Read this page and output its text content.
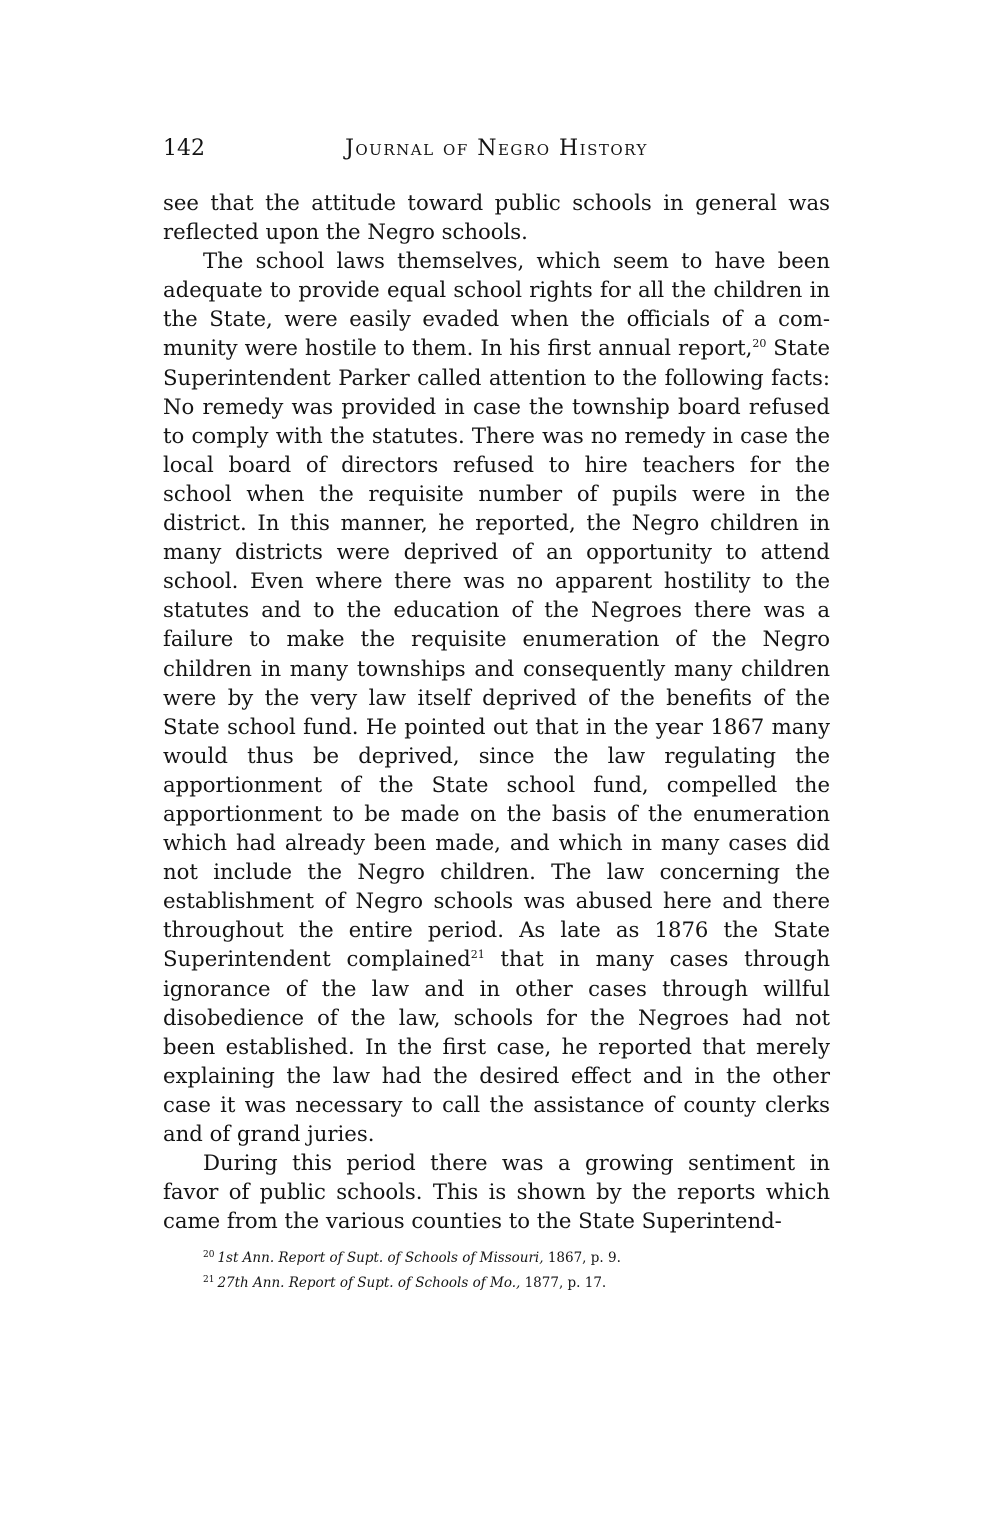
142	Journal of Negro History

see that the attitude toward public schools in general was reflected upon the Negro schools.

The school laws themselves, which seem to have been adequate to provide equal school rights for all the children in the State, were easily evaded when the officials of a community were hostile to them. In his first annual report,$^{20}$ State Superintendent Parker called attention to the following facts: No remedy was provided in case the township board refused to comply with the statutes. There was no remedy in case the local board of directors refused to hire teachers for the school when the requisite number of pupils were in the district. In this manner, he reported, the Negro children in many districts were deprived of an opportunity to attend school. Even where there was no apparent hostility to the statutes and to the education of the Negroes there was a failure to make the requisite enumeration of the Negro children in many townships and consequently many children were by the very law itself deprived of the benefits of the State school fund. He pointed out that in the year 1867 many would thus be deprived, since the law regulating the apportionment of the State school fund, compelled the apportionment to be made on the basis of the enumeration which had already been made, and which in many cases did not include the Negro children. The law concerning the establishment of Negro schools was abused here and there throughout the entire period. As late as 1876 the State Superintendent complained$^{21}$ that in many cases through ignorance of the law and in other cases through willful disobedience of the law, schools for the Negroes had not been established. In the first case, he reported that merely explaining the law had the desired effect and in the other case it was necessary to call the assistance of county clerks and of grand juries.

During this period there was a growing sentiment in favor of public schools. This is shown by the reports which came from the various counties to the State Superintend-

$^{20}$ 1st Ann. Report of Supt. of Schools of Missouri, 1867, p. 9.
$^{21}$ 27th Ann. Report of Supt. of Schools of Mo., 1877, p. 17.
